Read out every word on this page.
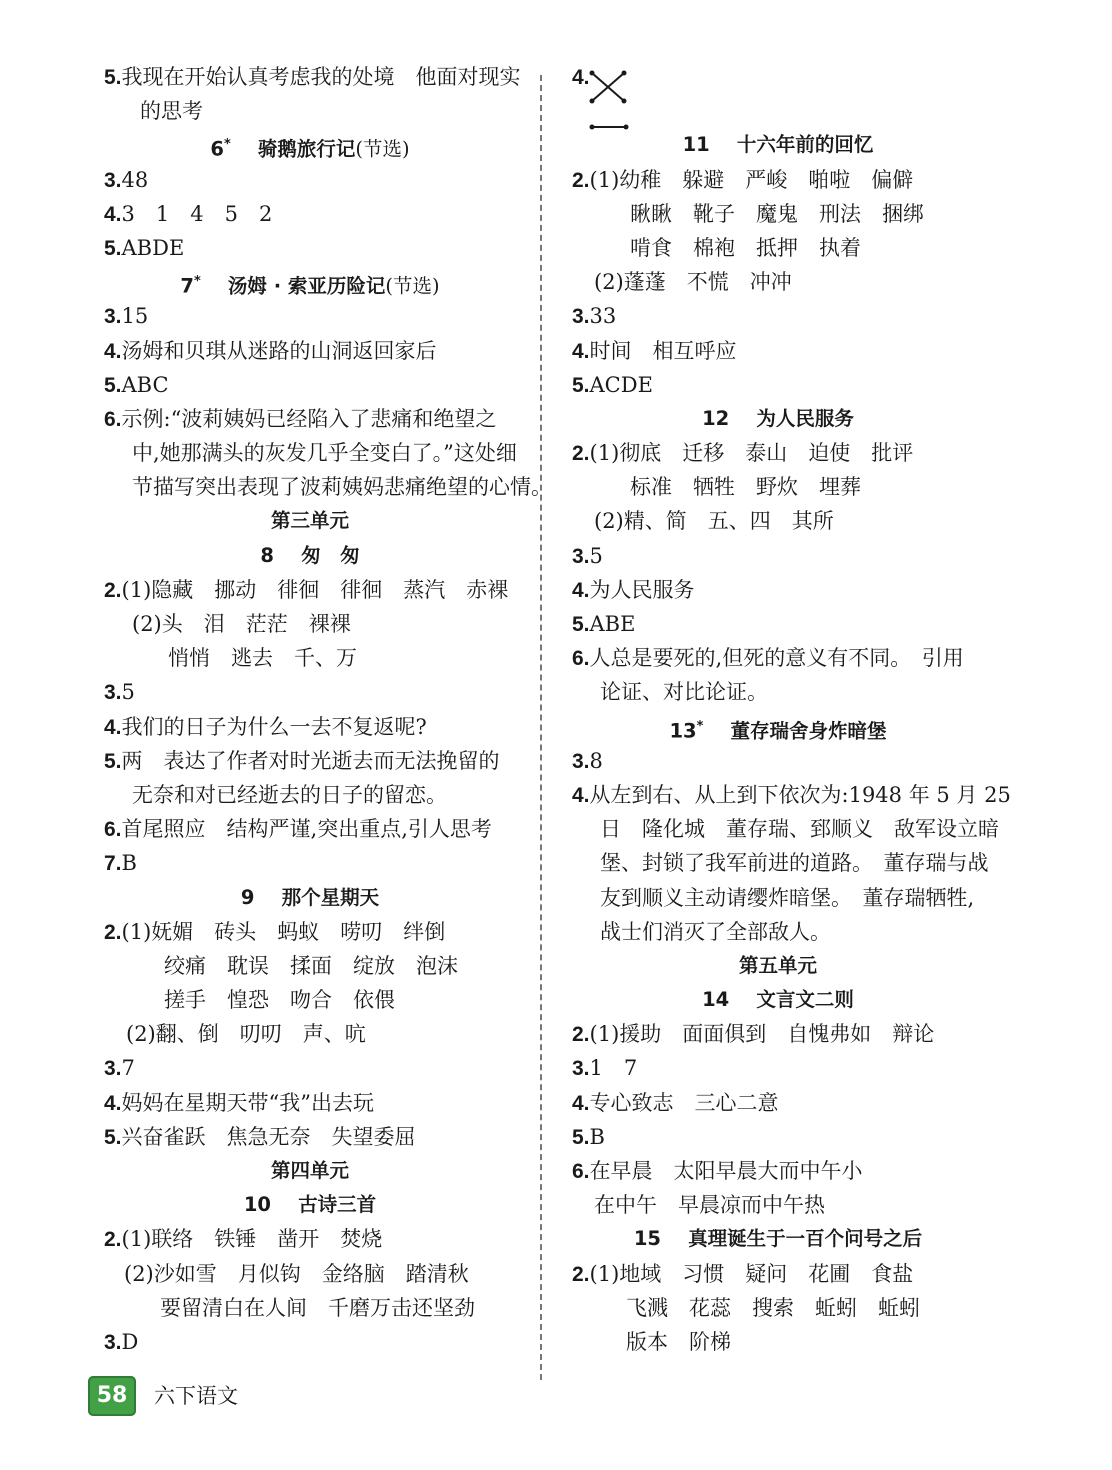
5.我现在开始认真考虑我的处境　他面对现实
的思考
6* 骑鹅旅行记(节选)
3.48
4.3　1　4　5　2
5.ABDE
7* 汤姆 · 索亚历险记(节选)
3.15
4.汤姆和贝琪从迷路的山洞返回家后
5.ABC
6.示例:“波莉姨妈已经陷入了悲痛和绝望之
中,她那满头的灰发几乎全变白了。”这处细
节描写突出表现了波莉姨妈悲痛绝望的心情。
第三单元
8 匆　匆
2.(1)隐藏　挪动　徘徊　徘徊　蒸汽　赤裸
(2)头　泪　茫茫　裸裸
悄悄　逃去　千、万
3.5
4.我们的日子为什么一去不复返呢?
5.两　表达了作者对时光逝去而无法挽留的
无奈和对已经逝去的日子的留恋。
6.首尾照应　结构严谨,突出重点,引人思考
7.B
9 那个星期天
2.(1)妩媚　砖头　蚂蚁　唠叨　绊倒
绞痛　耽误　揉面　绽放　泡沫
搓手　惶恐　吻合　依偎
(2)翻、倒　叨叨　声、吭
3.7
4.妈妈在星期天带“我”出去玩
5.兴奋雀跃　焦急无奈　失望委屈
第四单元
10 古诗三首
2.(1)联络　铁锤　凿开　焚烧
(2)沙如雪　月似钩　金络脑　踏清秋
要留清白在人间　千磨万击还坚劲
3.D
4.
11 十六年前的回忆
2.(1)幼稚　躲避　严峻　啪啦　偏僻
瞅瞅　靴子　魔鬼　刑法　捆绑
啃食　棉袍　抵押　执着
(2)蓬蓬　不慌　冲冲
3.33
4.时间　相互呼应
5.ACDE
12 为人民服务
2.(1)彻底　迁移　泰山　迫使　批评
标准　牺牲　野炊　埋葬
(2)精、简　五、四　其所
3.5
4.为人民服务
5.ABE
6.人总是要死的,但死的意义有不同。　引用
论证、对比论证。
13* 董存瑞舍身炸暗堡
3.8
4.从左到右、从上到下依次为:1948 年 5 月 25
日　隆化城　董存瑞、郅顺义　敌军设立暗
堡、封锁了我军前进的道路。　董存瑞与战
友到顺义主动请缨炸暗堡。　董存瑞牺牲,
战士们消灭了全部敌人。
第五单元
14 文言文二则
2.(1)援助　面面俱到　自愧弗如　辩论
3.1　7
4.专心致志　三心二意
5.B
6.在早晨　太阳早晨大而中午小
在中午　早晨凉而中午热
15 真理诞生于一百个问号之后
2.(1)地域　习惯　疑问　花圃　食盐
飞溅　花蕊　搜索　蚯蚓　蚯蚓
版本　阶梯
58	六下语文
